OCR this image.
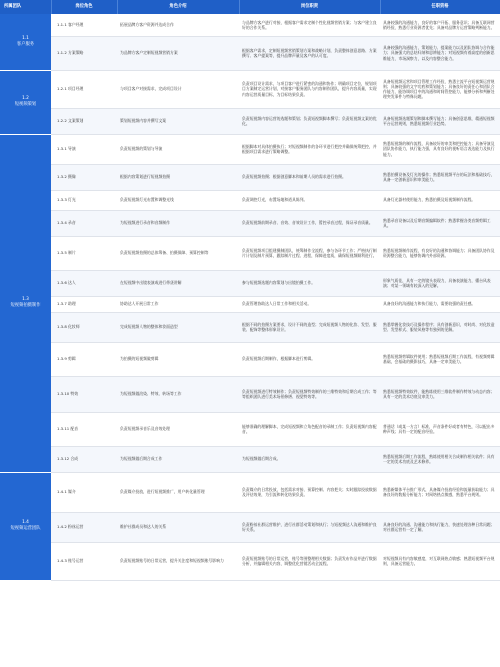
所属团队	岗位角色	角色介绍	岗位职责	任职资格

1.1
客户服务	1.1.1 客户经理	拓展品牌方客户资源并达成合作	与品牌方客户进行对接，根据客户需求定制个性化视频营销方案；与客户建立良好的合作关系。	具备较强的沟通能力，良好的客户开拓、服务意识；具备互联网营销经验，熟悉行业资源者优先；具备对品牌方运营策略判断能力。
	1.1.2 方案策略	为品牌方客户定制短视频营销方案	根据客户需求，定制短视频营销策划方案和战略计划，负责整体创意思路、方案撰写、客户提案等，提升品牌声量及客户的认可度。	具备较强的沟通能力，策划能力、提案能力以及团队协调与合作能力；具备强大的总结归纳和思辨能力；对短视频有着高度的创新思维能力，市场洞察力，以及内容整合能力。

1.2
短视频策划	1.2.1 项目经理	与项目客户对接需求，完成项目设计	负责项目设计需求，与项目客户进行紧密的沟通和协作；明确项目定位，规划项目方案制定运营计划，对接客户服务团队与内容制作团队，提升内容质量，实现内容运营质量目标，为目标结果负责。	具备短视频运营和项目管理工作经验，熟悉主流平台短视频运营规则；具备较强的文字功底和策划能力；具备良好的责任心和团队合作能力，能协调项目中的沟通和时间管控能力，能够分析和判断处理突发事件与特殊问题。
	1.2.2 文案策划	策划短视频内容并撰写文案	负责短视频内容运营的选题和策划；负责短视频脚本撰写；负责短视频文案的优化。	具备短视频选题策划和脚本撰写能力；具备创意思维，精通短视频平台运营规则，熟悉短视频行业趋势。

1.3
短视频拍摄制作	1.3.1 导演	负责短视频的策划与导演	根据脚本对具体拍摄执行；对短视频制作的各环节进行把控并确保统筹把控，并根据项目需求进行策略调整。	熟悉短视频的制作流程，具备较好的审美和把控能力；具备导演及团队协作能力，执行能力强，具有良好的视听语言表达能力及执行能力。
	1.3.2 摄像	根据内容策划进行短视频拍摄	负责短视频拍摄；根据创意脚本和前期人员的需求进行拍摄。	熟悉拍摄设备及灯光的操作；熟悉短视频平台的玩法和基础技巧，具备一定创新意识和审美能力。
	1.3.3 灯光	负责短视频灯光布置和调整光线	负责调控灯光，布置场地和道具陈列。	具备灯光器材使用能力，熟悉拍摄及短视频制作流程。
	1.3.4 录音	为短视频进行录音和音频制作	负责短视频前期录音、音效、音效设计工作，暂控录音过程，保证录音质量。	熟悉录音设备以及后期音频编辑软件；熟悉掌握各类音频剪辑工具。
	1.3.5 制片	负责短视频拍摄的总体筹备、拍摄保障、预算控制等	负责短视频项目组建摄制团队，统筹制作全流程，参与各环节工作；严格执行制片计划及制片预算，跟踪制片过程、进程，保障进度质，确保短视频顺利进行。	熟悉短视频制作流程，有良好的沟通和协调能力；具备团队协作及资源整合能力，能够协调内外部资源。
	1.3.6 达人	在短视频中出镜表演或进行带货讲解	参与短视频选题内容策划与出镜拍摄工作。	形象气质佳，具有一定的镜头表现力，具备表演能力，懂台风表演；对某一领域有较深入的见解。
	1.3.7 助理	协助达人开展日常工作	负责管理协助达人日常工作和相关活动。	具备良好的沟通能力和执行能力，需要较强的责任感。
	1.3.8 化妆师	完成短视频人物的整体和妆面造型	根据不同的拍摄方案要求，设计不同的造型；完成短视频人物的化妆、发型、服装、配饰等整体形象设计。	熟悉掌握化妆技巧及操作程序；具有创新意识，对时尚、对化妆造型、发型样式、服装风格等有独到的见解。
	1.3.9 剪辑	为拍摄的短视频做剪辑	负责短视频后期制作，根据脚本进行剪辑。	熟悉短视频剪辑软件使用；熟悉短视频后期工作流程，有视频剪辑基础，会基础的摄影技巧，具备一定审美能力。
	1.3.10 特效	为短视频做渲染、特效、转场等工作	负责短视频进行特效制作；负责短视频特效制作的三维特效和后期合成工作；等等组织团队进行美术场景修缮、视觉特效等。	熟悉短视频特效软件，能熟练使用三维软件制作特效与动态内容；具有一定的美术功底及审美力。
	1.3.11 配音	负责短视频录音乐及音效处理	能够准确的理解脚本，完成短视频和立角色配音的录制工作；负责短视频内容配音。	普通话（或某一方言）标准，声音条件好或者有特色，可以配出多种声线；具有一定的配音经验。
	1.3.12 合成	为短视频做后期合成工作	为短视频做后期合成。	熟悉短视频后期工作流程，熟练使用相关合成制作相关软件；具有一定的美术功底及艺术修养。

1.4
短视频运营团队	1.4.1 媒介	负责媒介投放，进行短视频推广，用户转化量管理	负责媒介的日常投放，包括需求对接、预算控制、内容把关；实时跟踪投放数据及评估效果，为引流和转化结果负责。	熟悉新媒体平台推广形式，具备媒介投放经验和流量获取能力；具备良好的数据分析能力；对网络热点敏感，熟悉平台规则。
	1.4.2 粉丝运营	维护社群成员和达人的关系	负责粉丝社群运营维护，进行社群活动策划和执行；与短视频达人沟通和维护良好关系。	具备良好的沟通、沟通能力和执行能力，快速处理各种日常问题；对社群运营有一定了解。
	1.4.3 账号运营	负责短视频账号的日常运营，提升关注度和短视频账号影响力	负责短视频账号的日常运营，账号等围整理相关数据；负责发布作品并进行数据分析，并编辑相关内容，调整优化营销活动全流程。	对短视频具有内容敏感度，对互联网热点敏感；熟悉短视频平台规则，具备运营能力。
